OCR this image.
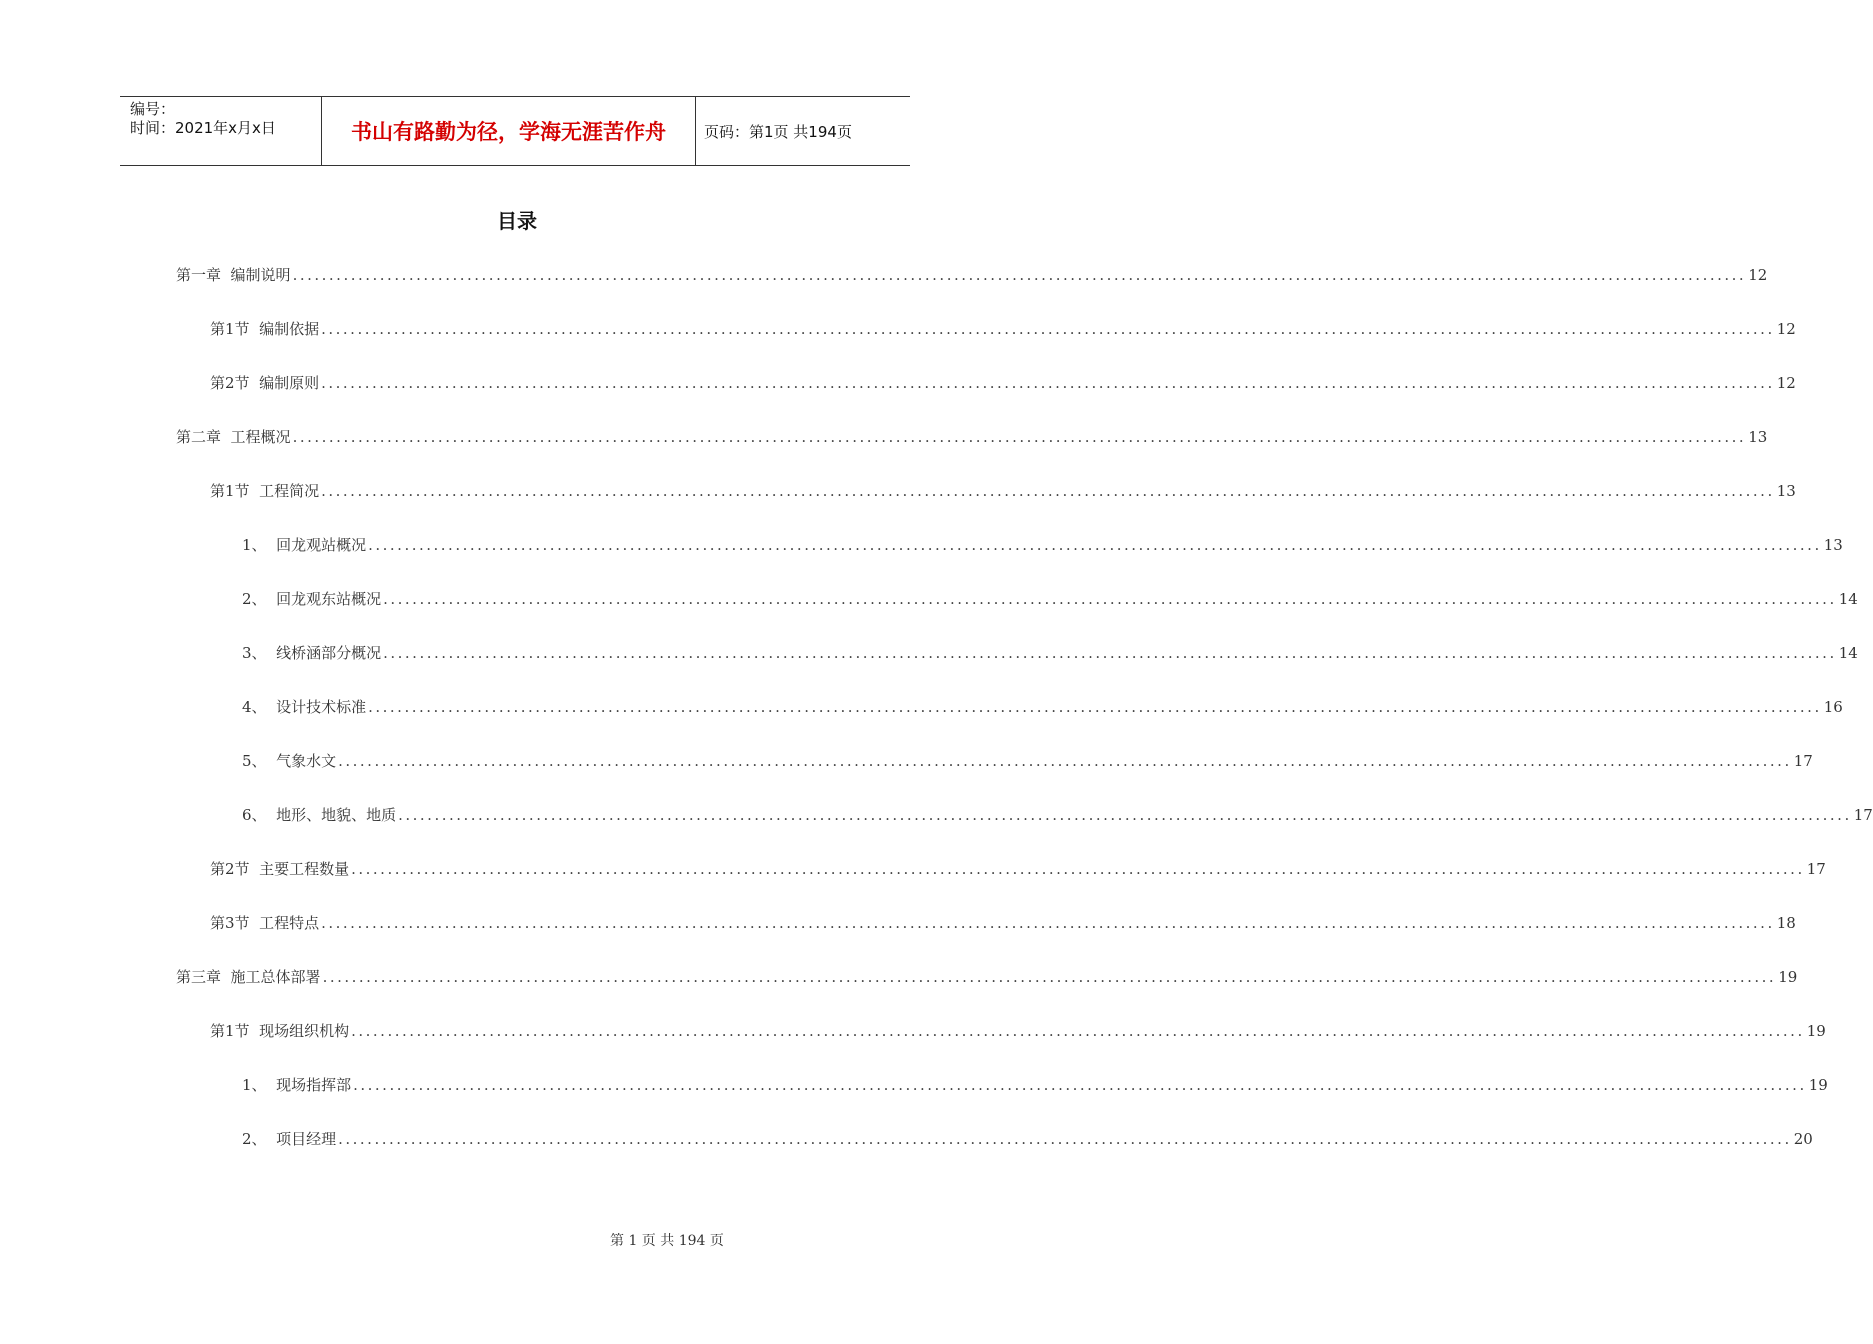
编号：
时间：2021年x月x日	书山有路勤为径，学海无涯苦作舟	页码：第1页 共194页
目录
第一章 编制说明 ........................................................................................................................................................................................................ 12
第1节 编制依据 ........................................................................................................................................................................................................ 12
第2节 编制原则 ........................................................................................................................................................................................................ 12
第二章 工程概况 ........................................................................................................................................................................................................ 13
第1节 工程简况 ........................................................................................................................................................................................................ 13
1、 回龙观站概况 ........................................................................................................................................................................................................ 13
2、 回龙观东站概况 ........................................................................................................................................................................................................ 14
3、 线桥涵部分概况 ........................................................................................................................................................................................................ 14
4、 设计技术标准 ........................................................................................................................................................................................................ 16
5、 气象水文 ........................................................................................................................................................................................................ 17
6、 地形、地貌、地质 ........................................................................................................................................................................................................ 17
第2节 主要工程数量 ........................................................................................................................................................................................................ 17
第3节 工程特点 ........................................................................................................................................................................................................ 18
第三章 施工总体部署 ........................................................................................................................................................................................................ 19
第1节 现场组织机构 ........................................................................................................................................................................................................ 19
1、 现场指挥部 ........................................................................................................................................................................................................ 19
2、 项目经理 ........................................................................................................................................................................................................ 20
第 1 页 共 194 页
